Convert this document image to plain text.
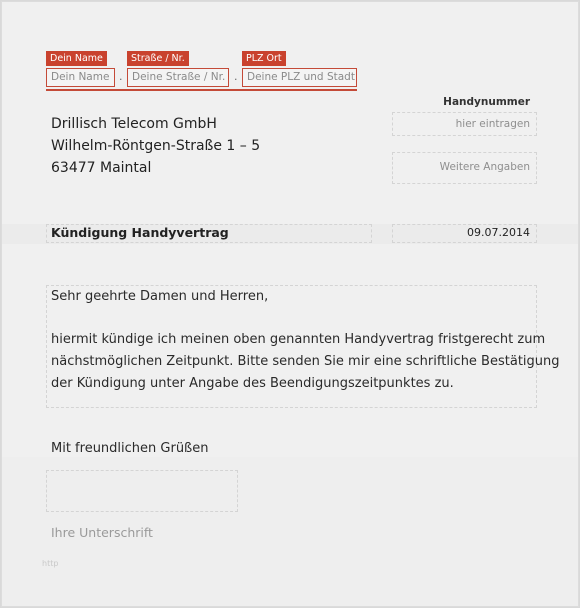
Dein Name
Dein Name ·
Straße / Nr.
Deine Straße / Nr. ·
PLZ Ort
Deine PLZ und Stadt
Drillisch Telecom GmbH
Wilhelm-Röntgen-Straße 1 – 5
63477 Maintal
Handynummer
hier eintragen
Weitere Angaben
Kündigung Handyvertrag	09.07.2014
Sehr geehrte Damen und Herren,
hiermit kündige ich meinen oben genannten Handyvertrag fristgerecht zum
nächstmöglichen Zeitpunkt. Bitte senden Sie mir eine schriftliche Bestätigung
der Kündigung unter Angabe des Beendigungszeitpunktes zu.
Mit freundlichen Grüßen
Ihre Unterschrift
http
